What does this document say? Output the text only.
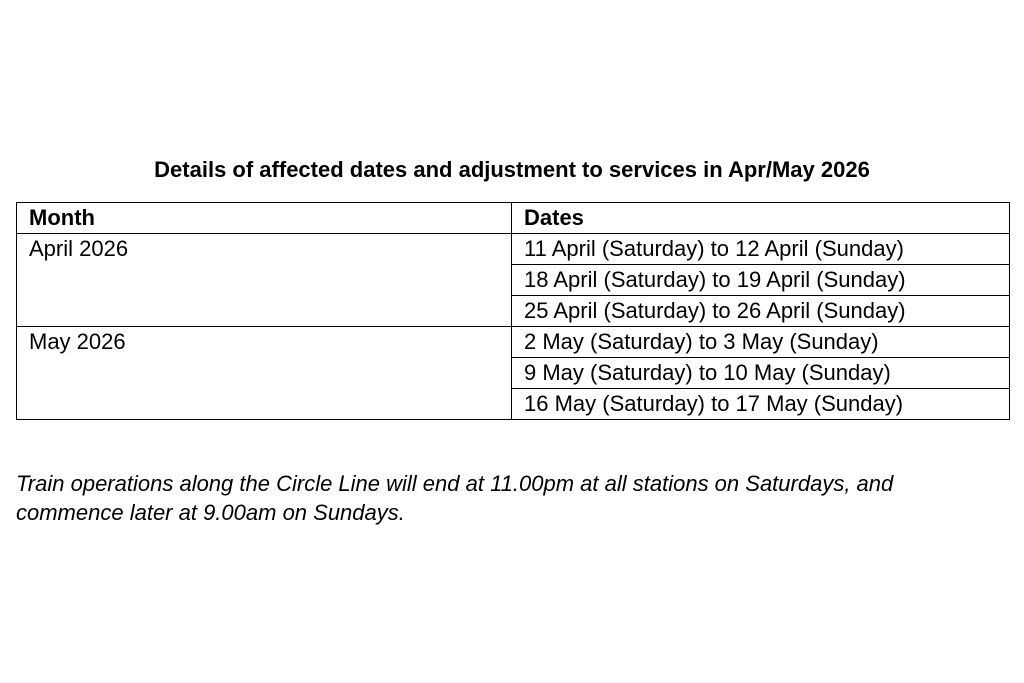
Details of affected dates and adjustment to services in Apr/May 2026
Month	Dates
April 2026	11 April (Saturday) to 12 April (Sunday)
	18 April (Saturday) to 19 April (Sunday)
	25 April (Saturday) to 26 April (Sunday)
May 2026	2 May (Saturday) to 3 May (Sunday)
	9 May (Saturday) to 10 May (Sunday)
	16 May (Saturday) to 17 May (Sunday)
Train operations along the Circle Line will end at 11.00pm at all stations on Saturdays, and commence later at 9.00am on Sundays.
